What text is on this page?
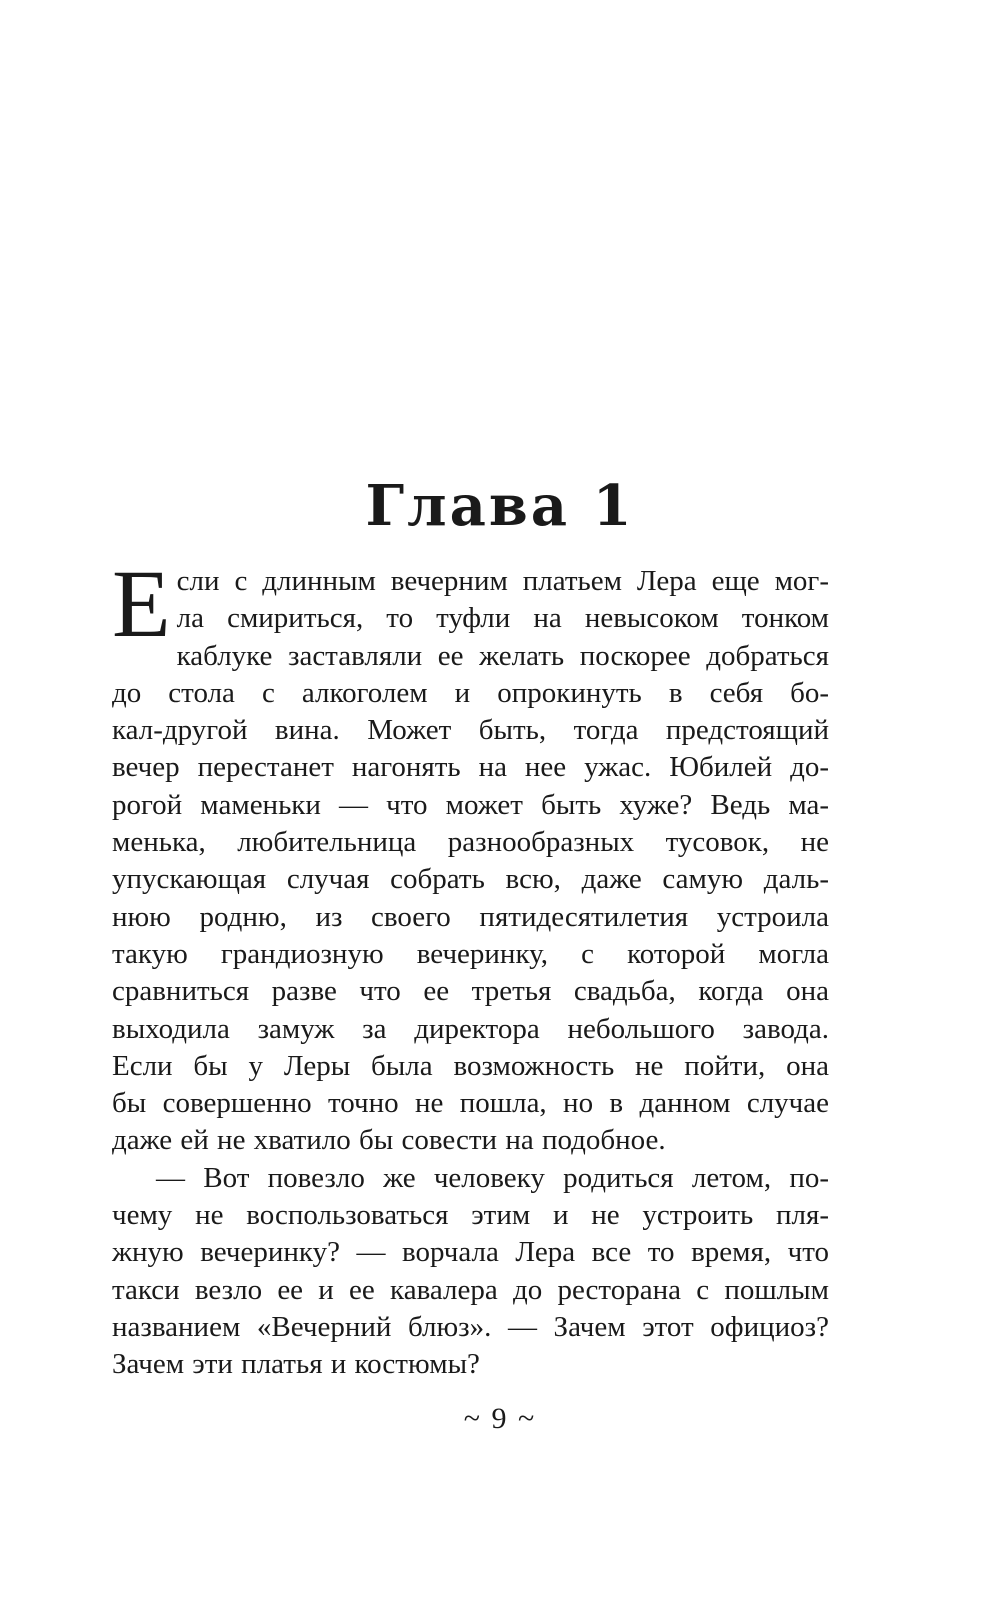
Глава 1
Е сли с длинным вечерним платьем Лера еще мог-
ла смириться, то туфли на невысоком тонком
каблуке заставляли ее желать поскорее добраться
до стола с алкоголем и опрокинуть в себя бо-
кал-другой вина. Может быть, тогда предстоящий
вечер перестанет нагонять на нее ужас. Юбилей до-
рогой маменьки — что может быть хуже? Ведь ма-
менька, любительница разнообразных тусовок, не
упускающая случая собрать всю, даже самую даль-
нюю родню, из своего пятидесятилетия устроила
такую грандиозную вечеринку, с которой могла
сравниться разве что ее третья свадьба, когда она
выходила замуж за директора небольшого завода.
Если бы у Леры была возможность не пойти, она
бы совершенно точно не пошла, но в данном случае
даже ей не хватило бы совести на подобное.
— Вот повезло же человеку родиться летом, по-
чему не воспользоваться этим и не устроить пля-
жную вечеринку? — ворчала Лера все то время, что
такси везло ее и ее кавалера до ресторана с пошлым
названием «Вечерний блюз». — Зачем этот официоз?
Зачем эти платья и костюмы?
~ 9 ~
